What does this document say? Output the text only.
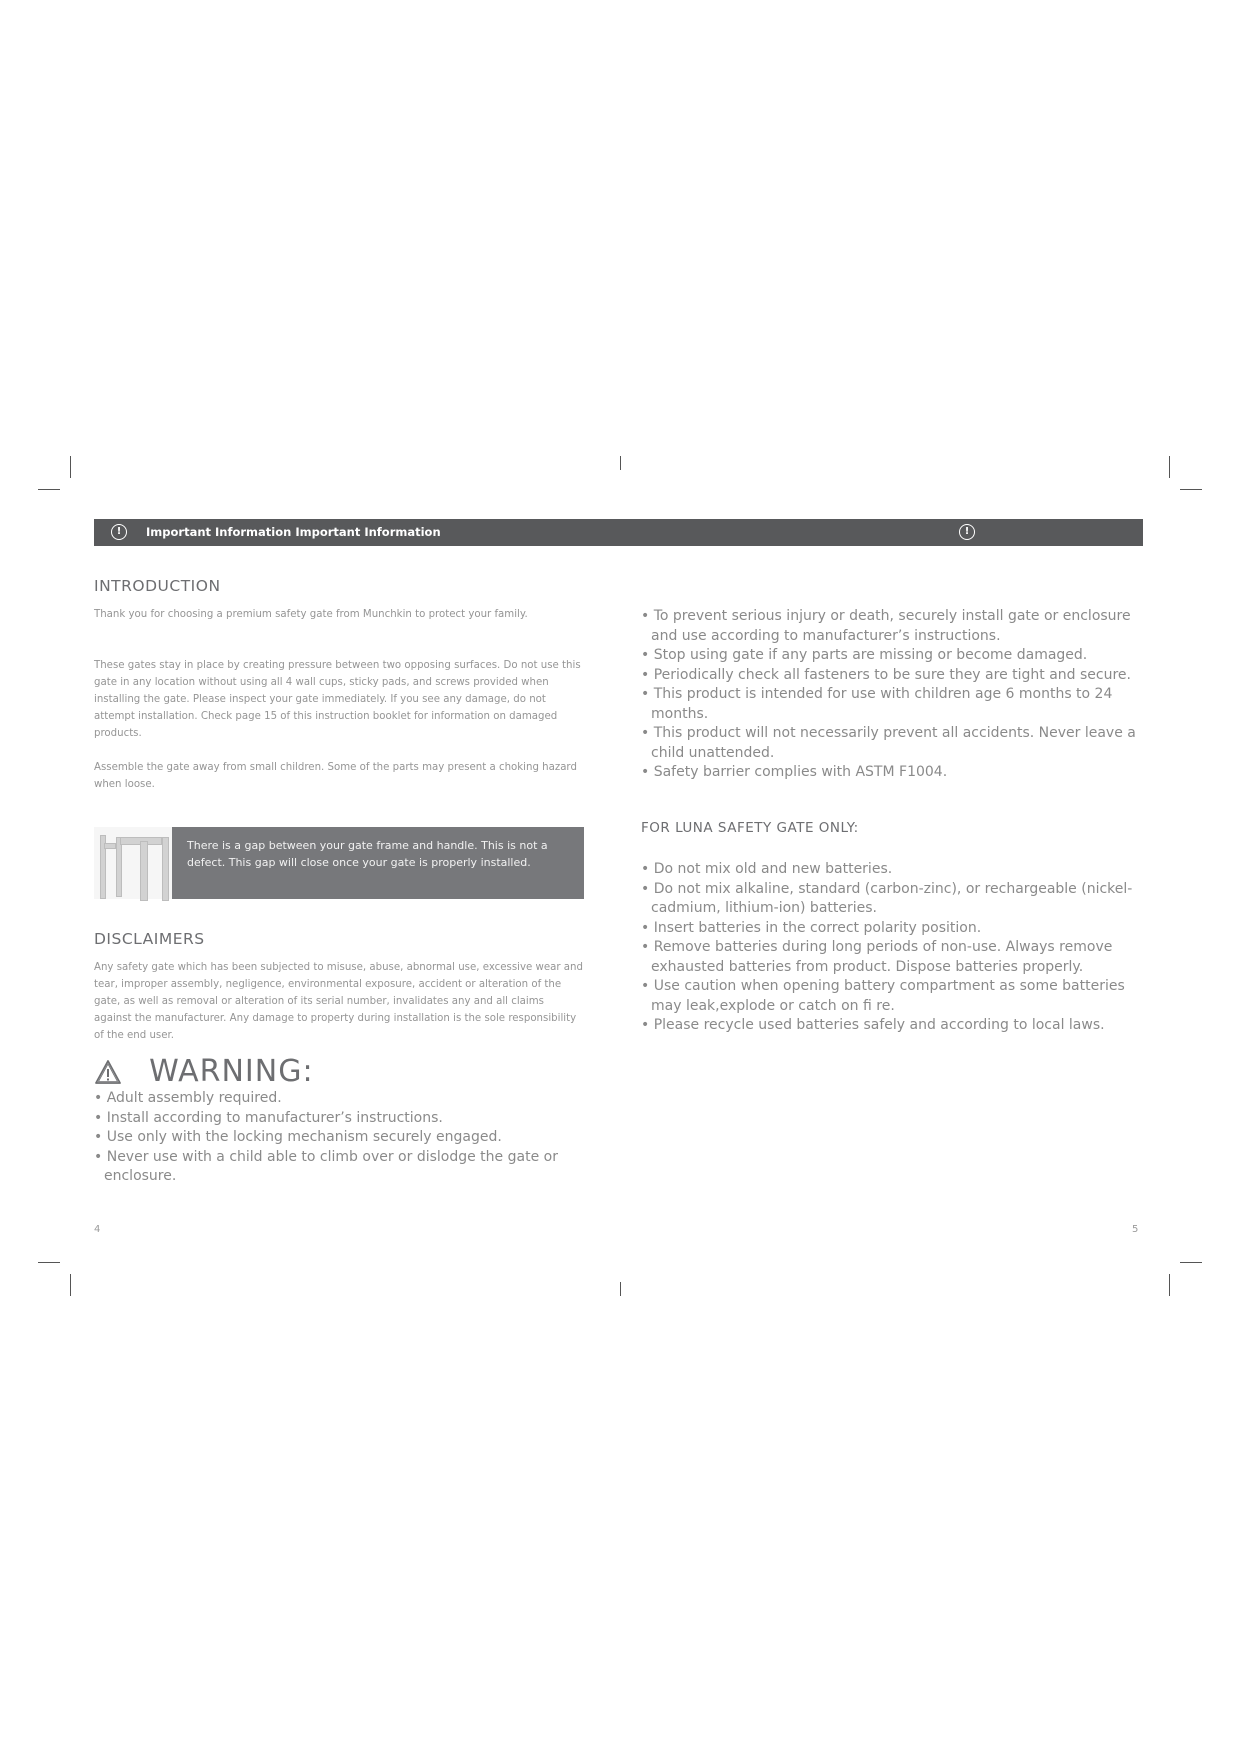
!	Important Information Important Information	!
INTRODUCTION

Thank you for choosing a premium safety gate from Munchkin to protect your family.

These gates stay in place by creating pressure between two opposing surfaces. Do not use this gate in any location without using all 4 wall cups, sticky pads, and screws provided when installing the gate. Please inspect your gate immediately. If you see any damage, do not attempt installation. Check page 15 of this instruction booklet for information on damaged products.

Assemble the gate away from small children. Some of the parts may present a choking hazard when loose.

There is a gap between your gate frame and handle. This is not a defect. This gap will close once your gate is properly installed.

DISCLAIMERS

Any safety gate which has been subjected to misuse, abuse, abnormal use, excessive wear and tear, improper assembly, negligence, environmental exposure, accident or alteration of the gate, as well as removal or alteration of its serial number, invalidates any and all claims against the manufacturer. Any damage to property during installation is the sole responsibility of the end user.

WARNING:
• Adult assembly required.
• Install according to manufacturer’s instructions.
• Use only with the locking mechanism securely engaged.
• Never use with a child able to climb over or dislodge the gate or enclosure.
• To prevent serious injury or death, securely install gate or enclosure and use according to manufacturer’s instructions.
• Stop using gate if any parts are missing or become damaged.
• Periodically check all fasteners to be sure they are tight and secure.
• This product is intended for use with children age 6 months to 24 months.
• This product will not necessarily prevent all accidents. Never leave a child unattended.
• Safety barrier complies with ASTM F1004.
FOR LUNA SAFETY GATE ONLY:
• Do not mix old and new batteries.
• Do not mix alkaline, standard (carbon-zinc), or rechargeable (nickel-cadmium, lithium-ion) batteries.
• Insert batteries in the correct polarity position.
• Remove batteries during long periods of non-use. Always remove exhausted batteries from product. Dispose batteries properly.
• Use caution when opening battery compartment as some batteries may leak,explode or catch on fi re.
• Please recycle used batteries safely and according to local laws.
4	5
